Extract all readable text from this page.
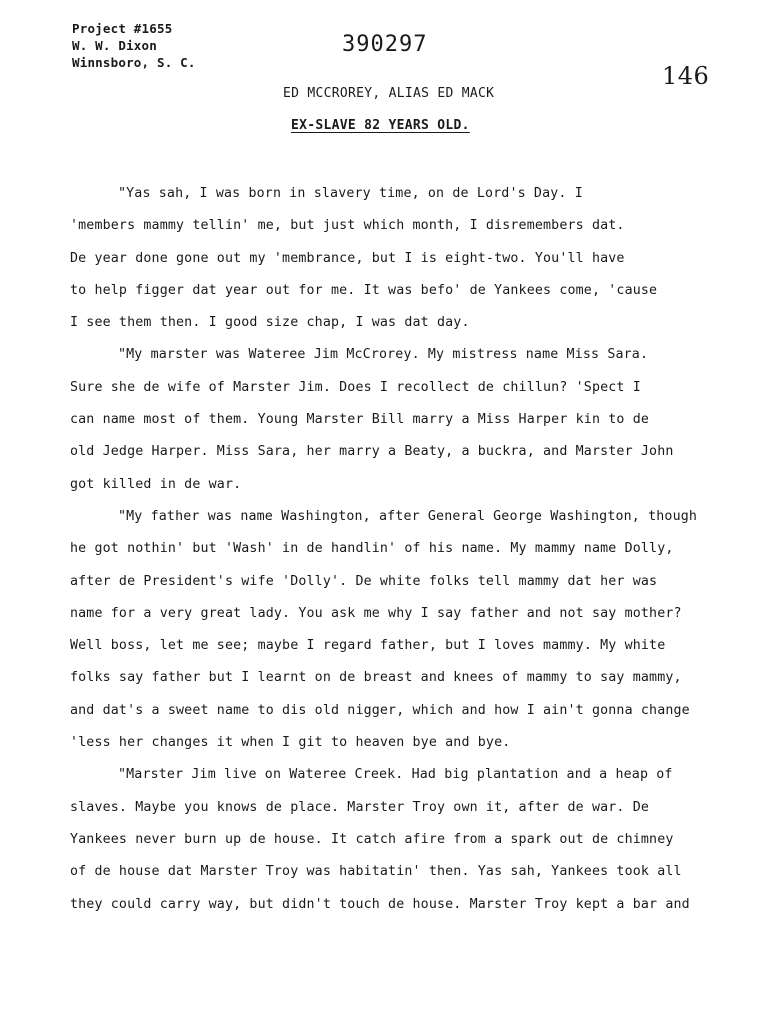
Project #1655
W. W. Dixon
Winnsboro, S. C.
390297
146
ED MCCROREY, ALIAS ED MACK
EX-SLAVE 82 YEARS OLD.
"Yas sah, I was born in slavery time, on de Lord's Day. I
'members mammy tellin' me, but just which month, I disremembers dat.
De year done gone out my 'membrance, but I is eight-two. You'll have
to help figger dat year out for me. It was befo' de Yankees come, 'cause
I see them then. I good size chap, I was dat day.
"My marster was Wateree Jim McCrorey. My mistress name Miss Sara.
Sure she de wife of Marster Jim. Does I recollect de chillun? 'Spect I
can name most of them. Young Marster Bill marry a Miss Harper kin to de
old Jedge Harper. Miss Sara, her marry a Beaty, a buckra, and Marster John
got killed in de war.
"My father was name Washington, after General George Washington, though
he got nothin' but 'Wash' in de handlin' of his name. My mammy name Dolly,
after de President's wife 'Dolly'. De white folks tell mammy dat her was
name for a very great lady. You ask me why I say father and not say mother?
Well boss, let me see; maybe I regard father, but I loves mammy. My white
folks say father but I learnt on de breast and knees of mammy to say mammy,
and dat's a sweet name to dis old nigger, which and how I ain't gonna change
'less her changes it when I git to heaven bye and bye.
"Marster Jim live on Wateree Creek. Had big plantation and a heap of
slaves. Maybe you knows de place. Marster Troy own it, after de war. De
Yankees never burn up de house. It catch afire from a spark out de chimney
of de house dat Marster Troy was habitatin' then. Yas sah, Yankees took all
they could carry way, but didn't touch de house. Marster Troy kept a bar and
